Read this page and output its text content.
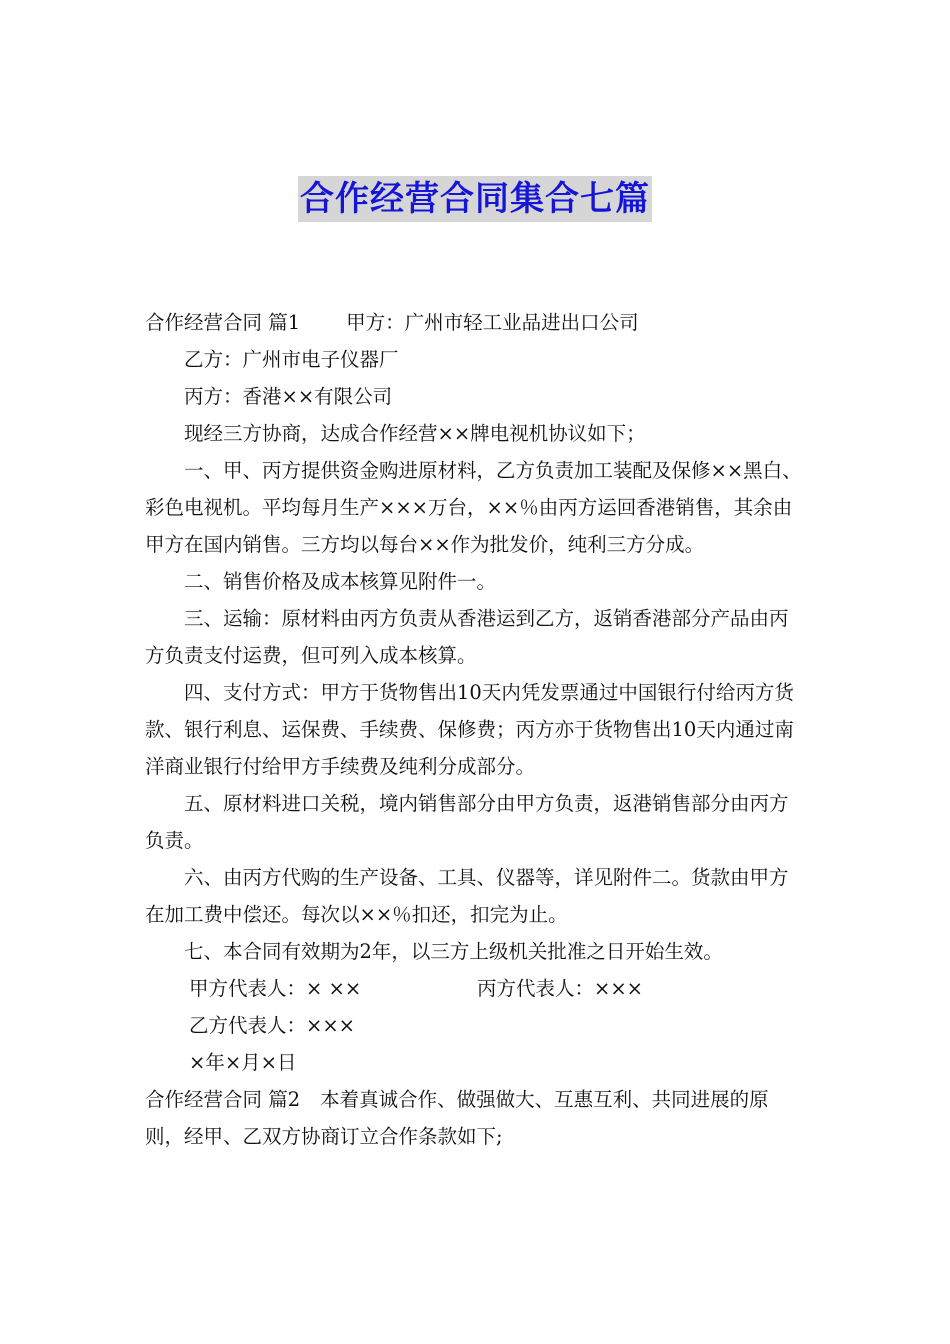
合作经营合同集合七篇

合作经营合同 篇1 甲方：广州市轻工业品进出口公司

乙方：广州市电子仪器厂

丙方：香港××有限公司

现经三方协商，达成合作经营××牌电视机协议如下；

一、甲、丙方提供资金购进原材料，乙方负责加工装配及保修××黑白、彩色电视机。平均每月生产×××万台，××％由丙方运回香港销售，其余由甲方在国内销售。三方均以每台××作为批发价，纯利三方分成。

二、销售价格及成本核算见附件一。

三、运输：原材料由丙方负责从香港运到乙方，返销香港部分产品由丙方负责支付运费，但可列入成本核算。

四、支付方式：甲方于货物售出10天内凭发票通过中国银行付给丙方货款、银行利息、运保费、手续费、保修费；丙方亦于货物售出10天内通过南洋商业银行付给甲方手续费及纯利分成部分。

五、原材料进口关税，境内销售部分由甲方负责，返港销售部分由丙方负责。

六、由丙方代购的生产设备、工具、仪器等，详见附件二。货款由甲方在加工费中偿还。每次以××％扣还，扣完为止。

七、本合同有效期为2年，以三方上级机关批准之日开始生效。

甲方代表人：× ××	丙方代表人：×××

乙方代表人：×××

×年×月×日

合作经营合同 篇2 本着真诚合作、做强做大、互惠互利、共同进展的原则，经甲、乙双方协商订立合作条款如下;
